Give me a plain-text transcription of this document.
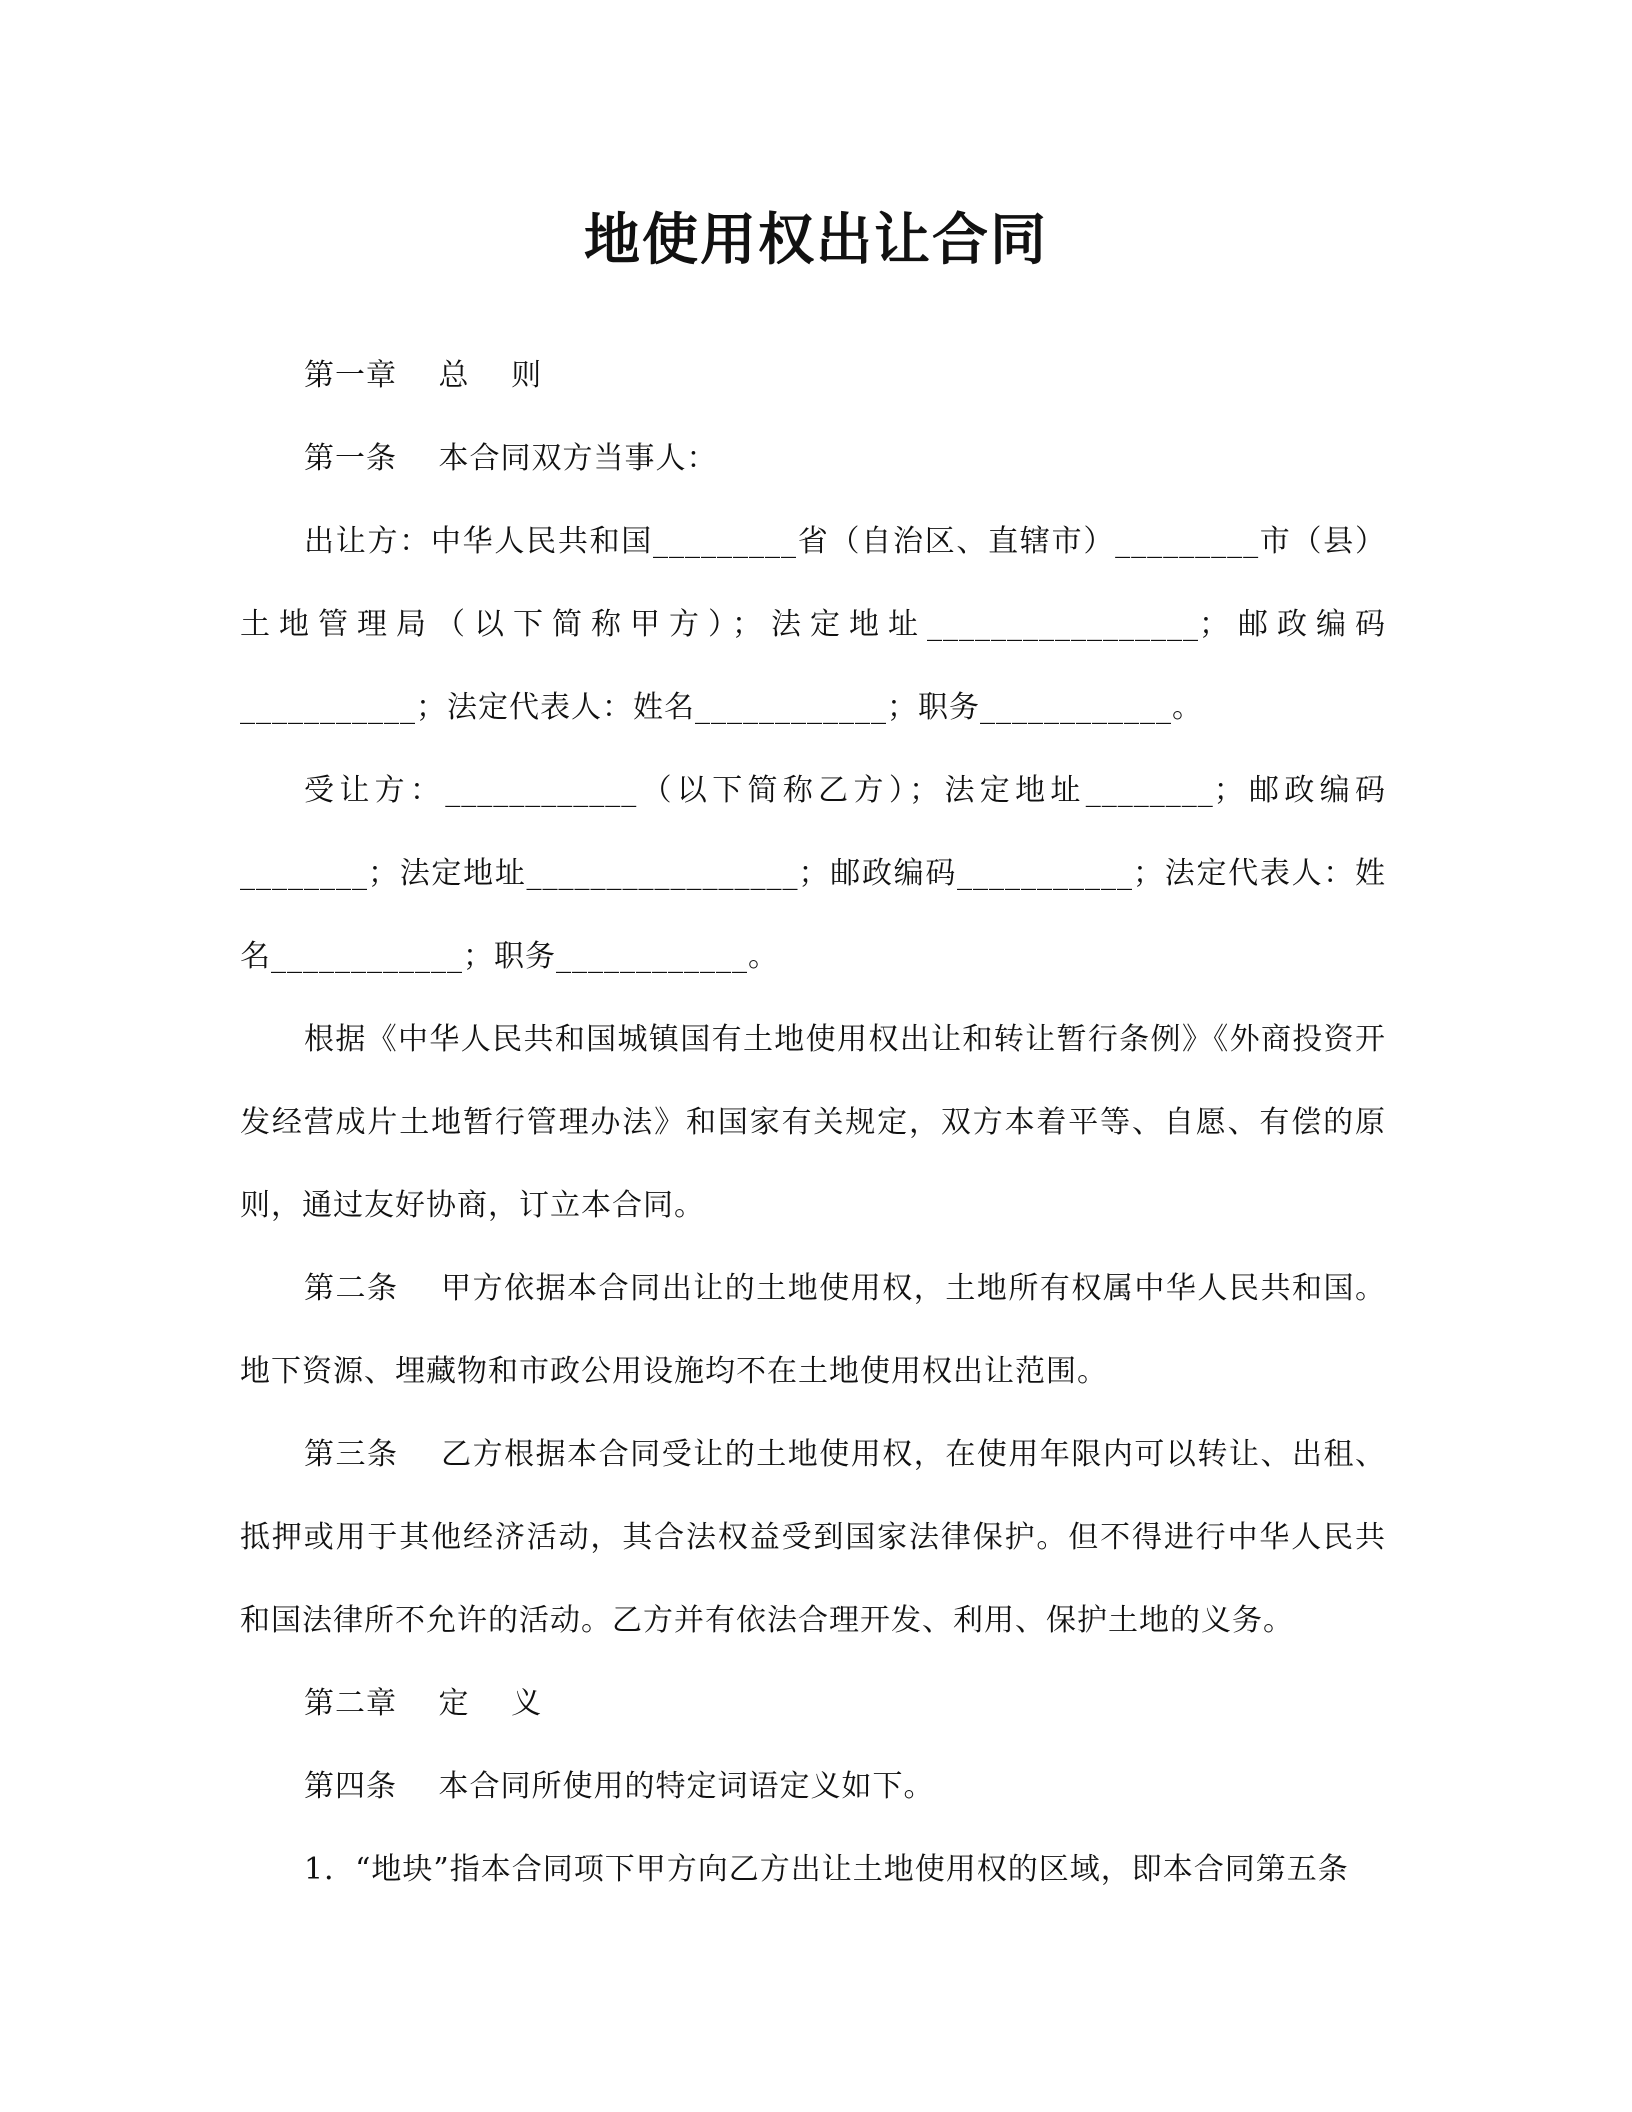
地使用权出让合同

第一章　 总　 则

第一条　 本合同双方当事人：

出让方：中华人民共和国_________省（自治区、直辖市）_________市（县）土地管理局（以下简称甲方）；法定地址_________________；邮政编码___________；法定代表人：姓名____________；职务____________。

受让方：____________（以下简称乙方）；法定地址________；邮政编码________；法定地址_________________；邮政编码___________；法定代表人：姓名____________；职务____________。

根据《中华人民共和国城镇国有土地使用权出让和转让暂行条例》《外商投资开发经营成片土地暂行管理办法》和国家有关规定，双方本着平等、自愿、有偿的原则，通过友好协商，订立本合同。

第二条　 甲方依据本合同出让的土地使用权，土地所有权属中华人民共和国。地下资源、埋藏物和市政公用设施均不在土地使用权出让范围。

第三条　 乙方根据本合同受让的土地使用权，在使用年限内可以转让、出租、抵押或用于其他经济活动，其合法权益受到国家法律保护。但不得进行中华人民共和国法律所不允许的活动。乙方并有依法合理开发、利用、保护土地的义务。

第二章　 定　 义

第四条　 本合同所使用的特定词语定义如下。

1．“地块”指本合同项下甲方向乙方出让土地使用权的区域，即本合同第五条
